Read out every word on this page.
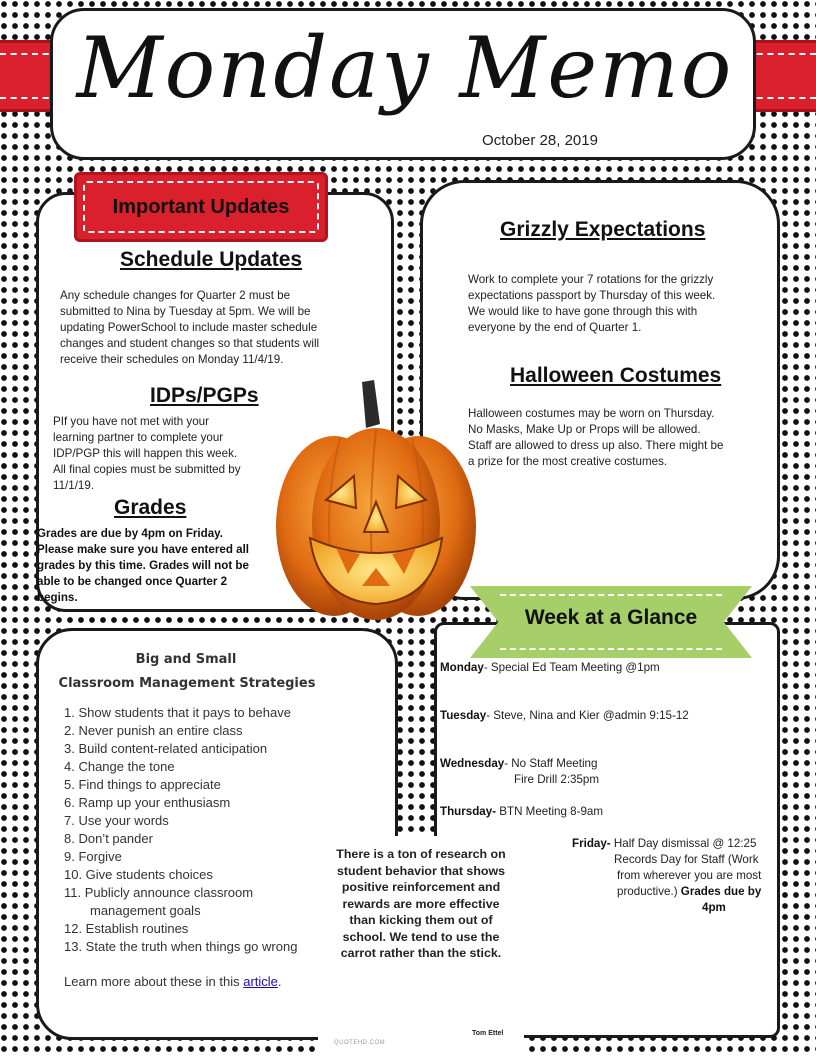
Monday Memo
October 28, 2019
Important Updates
Schedule Updates
Any schedule changes for Quarter 2 must be
submitted to Nina by Tuesday at 5pm. We will be
updating PowerSchool to include master schedule
changes and student changes so that students will
receive their schedules on Monday 11/4/19.
IDPs/PGPs
PIf you have not met with your
learning partner to complete your
IDP/PGP this will happen this week.
All final copies must be submitted by
11/1/19.
Grades
Grades are due by 4pm on Friday.
Please make sure you have entered all
grades by this time. Grades will not be
able to be changed once Quarter 2
begins.
Grizzly Expectations
Work to complete your 7 rotations for the grizzly
expectations passport by Thursday of this week.
We would like to have gone through this with
everyone by the end of Quarter 1.
Halloween Costumes
Halloween costumes may be worn on Thursday.
No Masks, Make Up or Props will be allowed.
Staff are allowed to dress up also. There might be
a prize for the most creative costumes.
Big and Small
Classroom Management Strategies
1. Show students that it pays to behave
2. Never punish an entire class
3. Build content-related anticipation
4. Change the tone
5. Find things to appreciate
6. Ramp up your enthusiasm
7. Use your words
8. Don’t pander
9. Forgive
10. Give students choices
11. Publicly announce classroom
management goals
12. Establish routines
13. State the truth when things go wrong
Learn more about these in this article.
Week at a Glance
Monday- Special Ed Team Meeting @1pm
Tuesday- Steve, Nina and Kier @admin 9:15-12
Wednesday- No Staff Meeting
Fire Drill 2:35pm
Thursday- BTN Meeting 8-9am
Friday- Half Day dismissal @ 12:25
Records Day for Staff (Work
from wherever you are most
productive.) Grades due by
4pm
There is a ton of research on student behavior that shows positive reinforcement and rewards are more effective than kicking them out of school. We tend to use the carrot rather than the stick.
Tom Ettel
QUOTEHD.COM
